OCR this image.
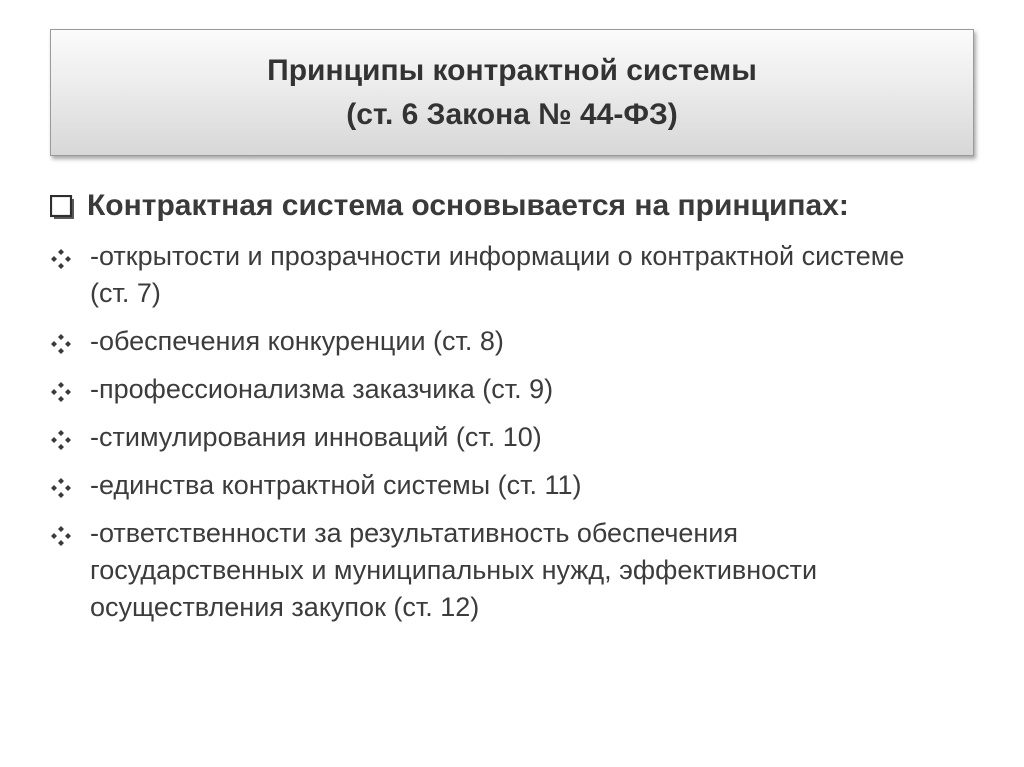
Принципы контрактной системы
(ст. 6 Закона № 44-ФЗ)
Контрактная система основывается на принципах:
-открытости и прозрачности информации о контрактной системе (ст. 7)
-обеспечения конкуренции (ст. 8)
-профессионализма заказчика (ст. 9)
-стимулирования инноваций (ст. 10)
-единства контрактной системы (ст. 11)
-ответственности за результативность обеспечения государственных и муниципальных нужд, эффективности осуществления закупок (ст. 12)
